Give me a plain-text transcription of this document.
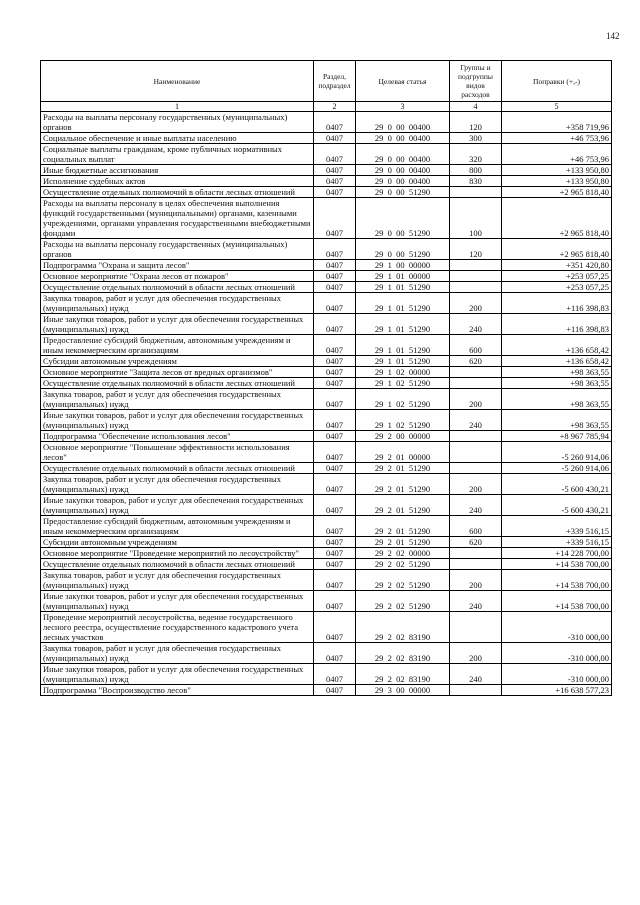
142
Наименование	Раздел, подраздел	Целевая статья	Группы и подгруппы видов расходов	Поправки (+,-)
1	2	3	4	5
Расходы на выплаты персоналу государственных (муниципальных) органов	0407	29  0  00  00400	120	+358 719,96
Социальное обеспечение и иные выплаты населению	0407	29  0  00  00400	300	+46 753,96
Социальные выплаты гражданам, кроме публичных нормативных социальных выплат	0407	29  0  00  00400	320	+46 753,96
Иные бюджетные ассигнования	0407	29  0  00  00400	800	+133 950,80
Исполнение судебных актов	0407	29  0  00  00400	830	+133 950,80
Осуществление отдельных полномочий в области лесных отношений	0407	29  0  00  51290		+2 965 818,40
Расходы на выплаты персоналу в целях обеспечения выполнения функций государственными (муниципальными) органами, казенными учреждениями, органами управления государственными внебюджетными фондами	0407	29  0  00  51290	100	+2 965 818,40
Расходы на выплаты персоналу государственных (муниципальных) органов	0407	29  0  00  51290	120	+2 965 818,40
Подпрограмма "Охрана и защита лесов"	0407	29  1  00  00000		+351 420,80
Основное мероприятие "Охрана лесов от пожаров"	0407	29  1  01  00000		+253 057,25
Осуществление отдельных полномочий в области лесных отношений	0407	29  1  01  51290		+253 057,25
Закупка товаров, работ и услуг для обеспечения государственных (муниципальных) нужд	0407	29  1  01  51290	200	+116 398,83
Иные закупки товаров, работ и услуг для обеспечения государственных (муниципальных) нужд	0407	29  1  01  51290	240	+116 398,83
Предоставление субсидий бюджетным, автономным учреждениям и иным некоммерческим организациям	0407	29  1  01  51290	600	+136 658,42
Субсидии автономным учреждениям	0407	29  1  01  51290	620	+136 658,42
Основное мероприятие "Защита лесов от вредных организмов"	0407	29  1  02  00000		+98 363,55
Осуществление отдельных полномочий в области лесных отношений	0407	29  1  02  51290		+98 363,55
Закупка товаров, работ и услуг для обеспечения государственных (муниципальных) нужд	0407	29  1  02  51290	200	+98 363,55
Иные закупки товаров, работ и услуг для обеспечения государственных (муниципальных) нужд	0407	29  1  02  51290	240	+98 363,55
Подпрограмма "Обеспечение использования лесов"	0407	29  2  00  00000		+8 967 785,94
Основное мероприятие "Повышение эффективности использования лесов"	0407	29  2  01  00000		-5 260 914,06
Осуществление отдельных полномочий в области лесных отношений	0407	29  2  01  51290		-5 260 914,06
Закупка товаров, работ и услуг для обеспечения государственных (муниципальных) нужд	0407	29  2  01  51290	200	-5 600 430,21
Иные закупки товаров, работ и услуг для обеспечения государственных (муниципальных) нужд	0407	29  2  01  51290	240	-5 600 430,21
Предоставление субсидий бюджетным, автономным учреждениям и иным некоммерческим организациям	0407	29  2  01  51290	600	+339 516,15
Субсидии автономным учреждениям	0407	29  2  01  51290	620	+339 516,15
Основное мероприятие "Проведение мероприятий по лесоустройству"	0407	29  2  02  00000		+14 228 700,00
Осуществление отдельных полномочий в области лесных отношений	0407	29  2  02  51290		+14 538 700,00
Закупка товаров, работ и услуг для обеспечения государственных (муниципальных) нужд	0407	29  2  02  51290	200	+14 538 700,00
Иные закупки товаров, работ и услуг для обеспечения государственных (муниципальных) нужд	0407	29  2  02  51290	240	+14 538 700,00
Проведение мероприятий лесоустройства, ведение государственного лесного реестра, осуществление государственного кадастрового учета лесных участков	0407	29  2  02  83190		-310 000,00
Закупка товаров, работ и услуг для обеспечения государственных (муниципальных) нужд	0407	29  2  02  83190	200	-310 000,00
Иные закупки товаров, работ и услуг для обеспечения государственных (муниципальных) нужд	0407	29  2  02  83190	240	-310 000,00
Подпрограмма "Воспроизводство лесов"	0407	29  3  00  00000		+16 638 577,23
